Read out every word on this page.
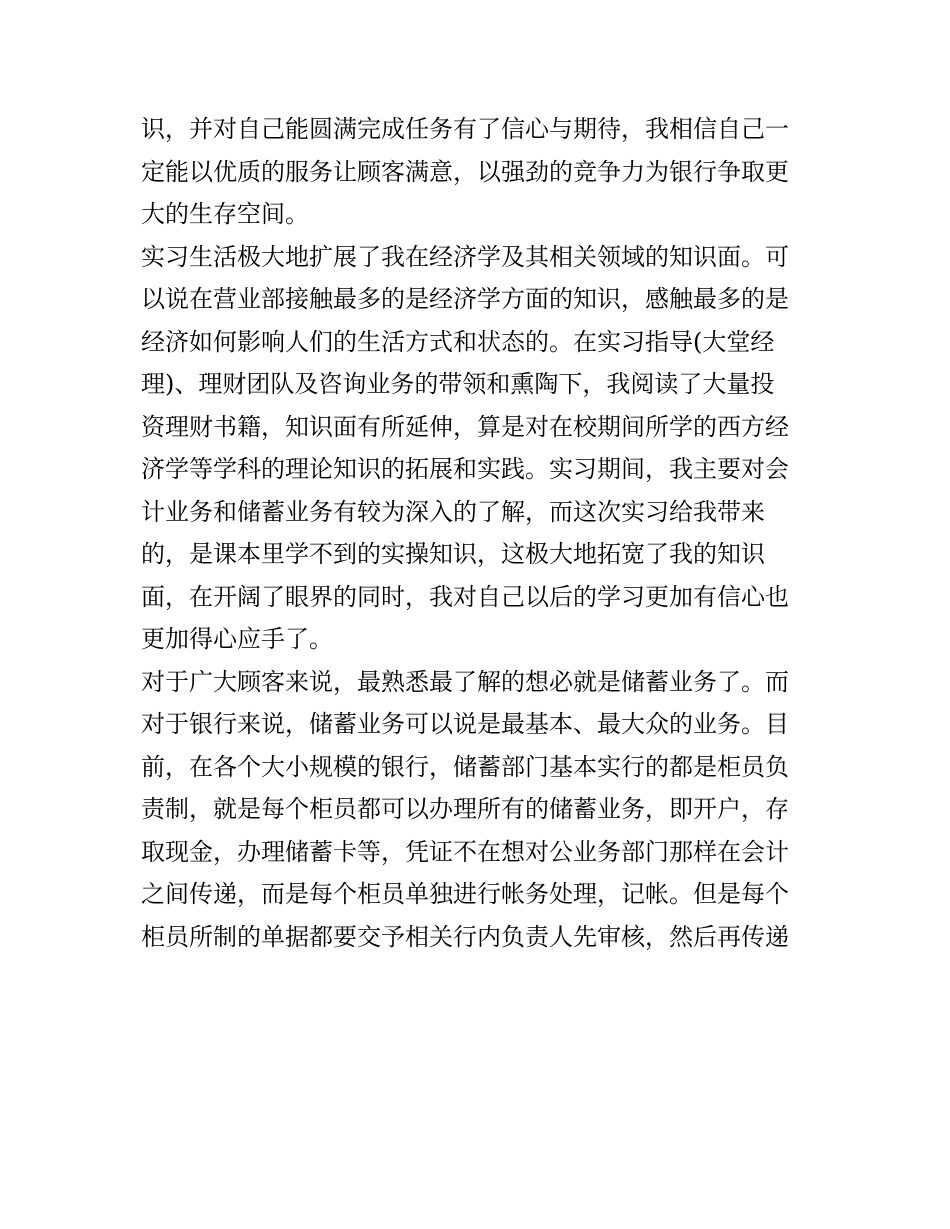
识，并对自己能圆满完成任务有了信心与期待，我相信自己一
定能以优质的服务让顾客满意，以强劲的竞争力为银行争取更
大的生存空间。
实习生活极大地扩展了我在经济学及其相关领域的知识面。可
以说在营业部接触最多的是经济学方面的知识，感触最多的是
经济如何影响人们的生活方式和状态的。在实习指导(大堂经
理)、理财团队及咨询业务的带领和熏陶下，我阅读了大量投
资理财书籍，知识面有所延伸，算是对在校期间所学的西方经
济学等学科的理论知识的拓展和实践。实习期间，我主要对会
计业务和储蓄业务有较为深入的了解，而这次实习给我带来
的，是课本里学不到的实操知识，这极大地拓宽了我的知识
面，在开阔了眼界的同时，我对自己以后的学习更加有信心也
更加得心应手了。
对于广大顾客来说，最熟悉最了解的想必就是储蓄业务了。而
对于银行来说，储蓄业务可以说是最基本、最大众的业务。目
前，在各个大小规模的银行，储蓄部门基本实行的都是柜员负
责制，就是每个柜员都可以办理所有的储蓄业务，即开户，存
取现金，办理储蓄卡等，凭证不在想对公业务部门那样在会计
之间传递，而是每个柜员单独进行帐务处理，记帐。但是每个
柜员所制的单据都要交予相关行内负责人先审核，然后再传递
